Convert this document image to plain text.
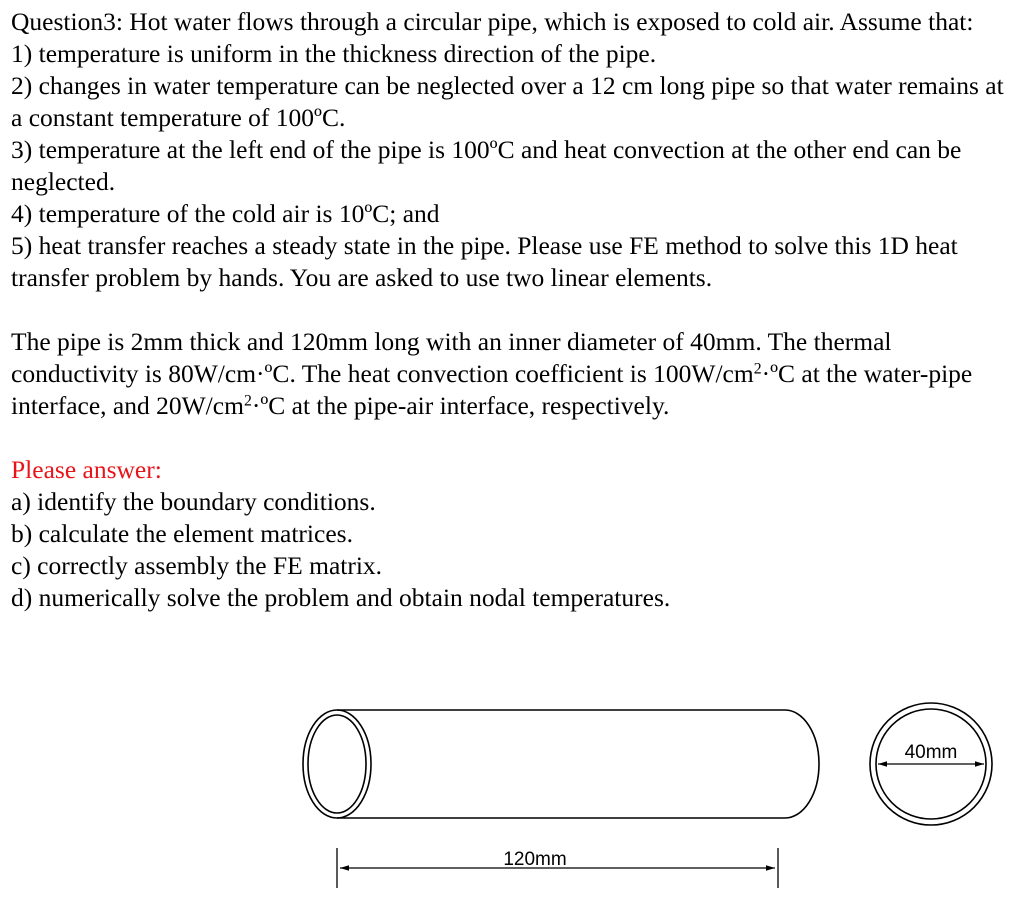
Question3: Hot water flows through a circular pipe, which is exposed to cold air. Assume that:

1) temperature is uniform in the thickness direction of the pipe.

2) changes in water temperature can be neglected over a 12 cm long pipe so that water remains at a constant temperature of 100ºC.

3) temperature at the left end of the pipe is 100ºC and heat convection at the other end can be neglected.

4) temperature of the cold air is 10ºC; and

5) heat transfer reaches a steady state in the pipe. Please use FE method to solve this 1D heat transfer problem by hands. You are asked to use two linear elements.

The pipe is 2mm thick and 120mm long with an inner diameter of 40mm. The thermal conductivity is 80W/cm·ºC. The heat convection coefficient is $100W/cm^2\cdot ºC$ at the water-pipe interface, and $20W/cm^2\cdot ºC$ at the pipe-air interface, respectively.

Please answer:

a) identify the boundary conditions.

b) calculate the element matrices.

c) correctly assembly the FE matrix.

d) numerically solve the problem and obtain nodal temperatures.

120mm
40mm
